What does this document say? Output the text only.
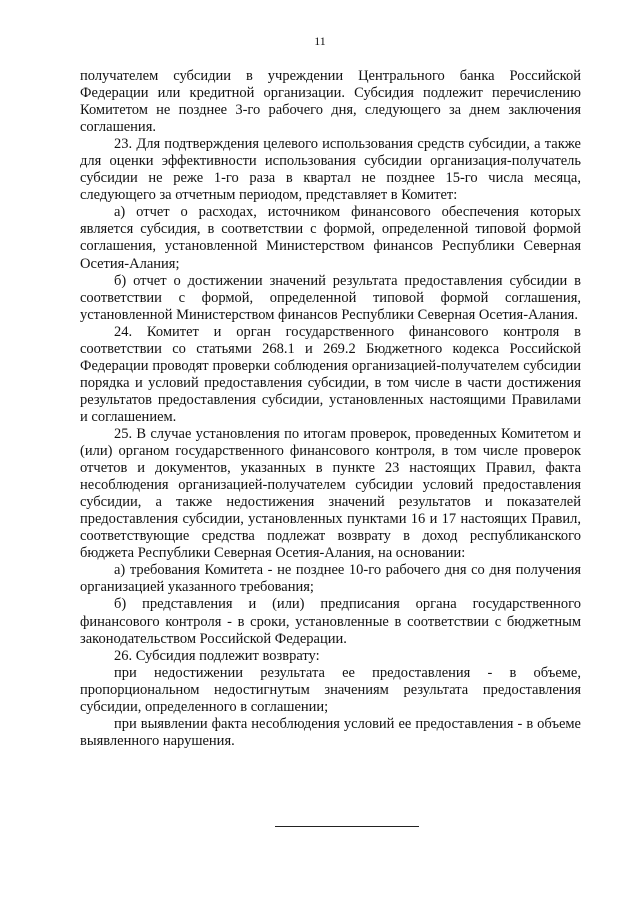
11

получателем субсидии в учреждении Центрального банка Российской Федерации или кредитной организации. Субсидия подлежит перечислению Комитетом не позднее 3-го рабочего дня, следующего за днем заключения соглашения.

23. Для подтверждения целевого использования средств субсидии, а также для оценки эффективности использования субсидии организация-получатель субсидии не реже 1-го раза в квартал не позднее 15-го числа месяца, следующего за отчетным периодом, представляет в Комитет:

а) отчет о расходах, источником финансового обеспечения которых является субсидия, в соответствии с формой, определенной типовой формой соглашения, установленной Министерством финансов Республики Северная Осетия-Алания;

б) отчет о достижении значений результата предоставления субсидии в соответствии с формой, определенной типовой формой соглашения, установленной Министерством финансов Республики Северная Осетия-Алания.

24. Комитет и орган государственного финансового контроля в соответствии со статьями 268.1 и 269.2 Бюджетного кодекса Российской Федерации проводят проверки соблюдения организацией-получателем субсидии порядка и условий предоставления субсидии, в том числе в части достижения результатов предоставления субсидии, установленных настоящими Правилами и соглашением.

25. В случае установления по итогам проверок, проведенных Комитетом и (или) органом государственного финансового контроля, в том числе проверок отчетов и документов, указанных в пункте 23 настоящих Правил, факта несоблюдения организацией-получателем субсидии условий предоставления субсидии, а также недостижения значений результатов и показателей предоставления субсидии, установленных пунктами 16 и 17 настоящих Правил, соответствующие средства подлежат возврату в доход республиканского бюджета Республики Северная Осетия-Алания, на основании:

а) требования Комитета - не позднее 10-го рабочего дня со дня получения организацией указанного требования;

б) представления и (или) предписания органа государственного финансового контроля - в сроки, установленные в соответствии с бюджетным законодательством Российской Федерации.

26. Субсидия подлежит возврату:

при недостижении результата ее предоставления - в объеме, пропорциональном недостигнутым значениям результата предоставления субсидии, определенного в соглашении;

при выявлении факта несоблюдения условий ее предоставления - в объеме выявленного нарушения.
